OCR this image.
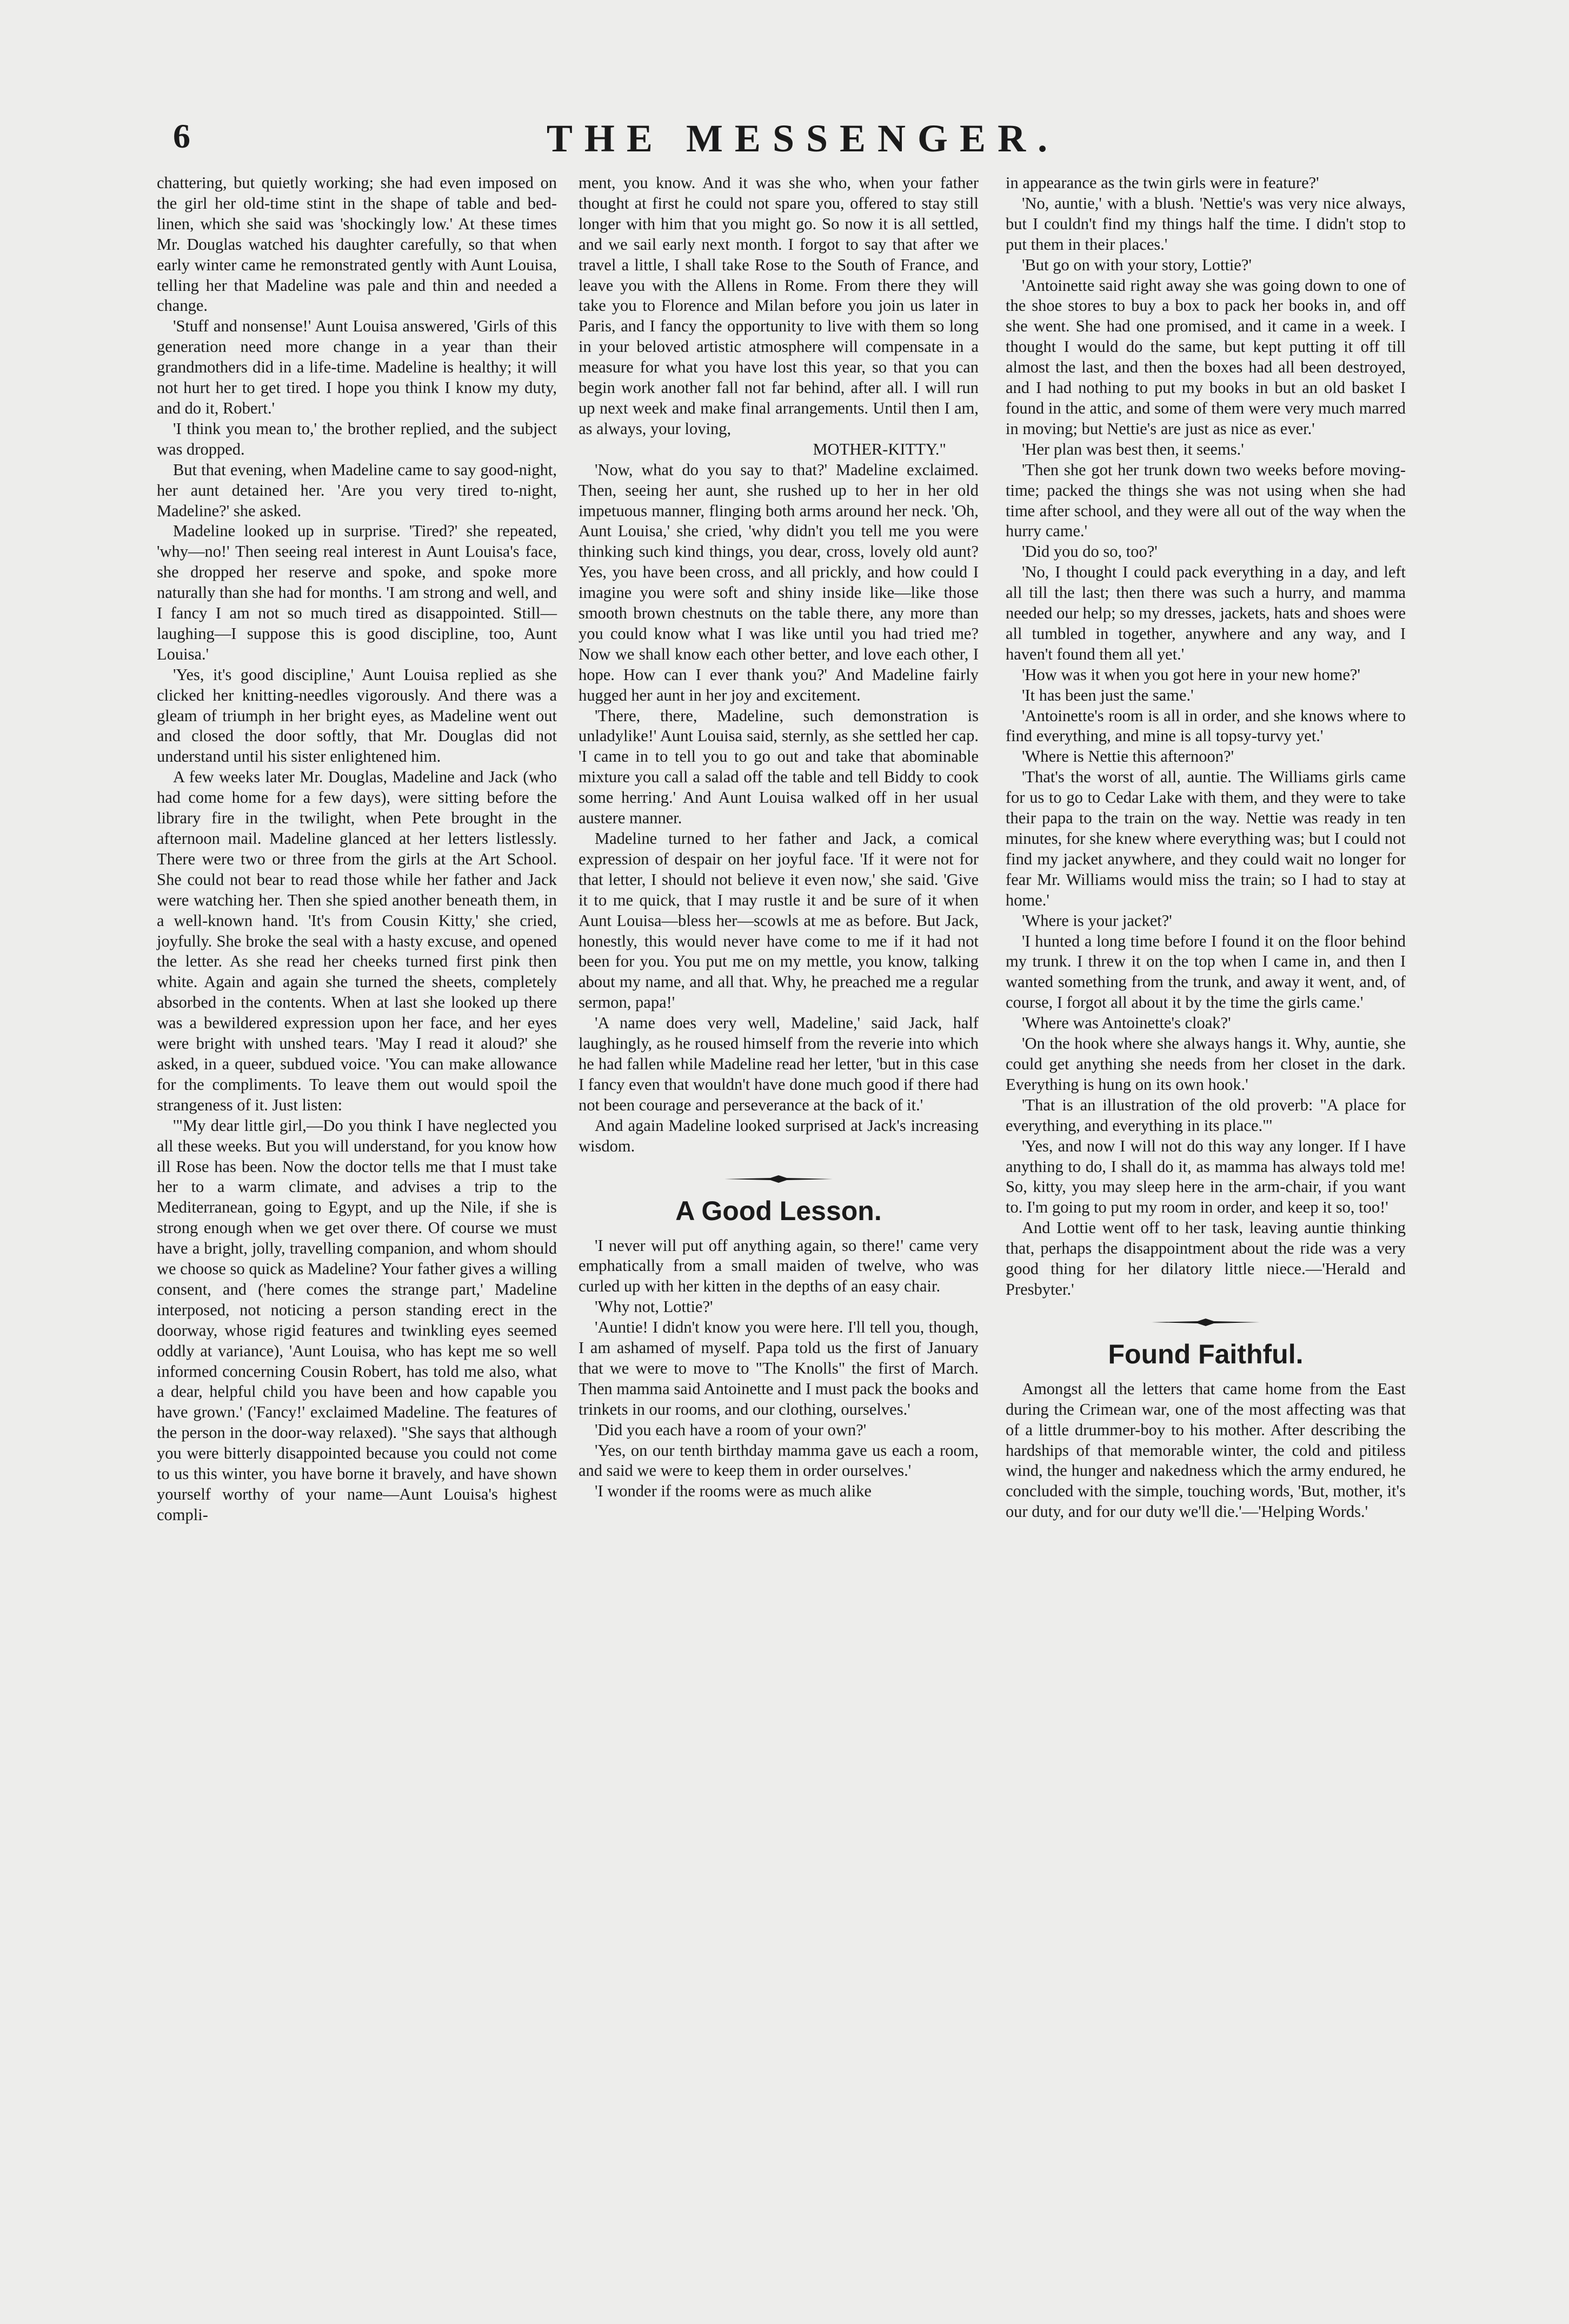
6	THE MESSENGER.

chattering, but quietly working; she had even imposed on the girl her old-time stint in the shape of table and bed-linen, which she said was 'shockingly low.' At these times Mr. Douglas watched his daughter carefully, so that when early winter came he remonstrated gently with Aunt Louisa, telling her that Madeline was pale and thin and needed a change.

'Stuff and nonsense!' Aunt Louisa answered, 'Girls of this generation need more change in a year than their grandmothers did in a life-time. Madeline is healthy; it will not hurt her to get tired. I hope you think I know my duty, and do it, Robert.'

'I think you mean to,' the brother replied, and the subject was dropped.

But that evening, when Madeline came to say good-night, her aunt detained her. 'Are you very tired to-night, Madeline?' she asked.

Madeline looked up in surprise. 'Tired?' she repeated, 'why—no!' Then seeing real interest in Aunt Louisa's face, she dropped her reserve and spoke, and spoke more naturally than she had for months. 'I am strong and well, and I fancy I am not so much tired as disappointed. Still—laughing—I suppose this is good discipline, too, Aunt Louisa.'

'Yes, it's good discipline,' Aunt Louisa replied as she clicked her knitting-needles vigorously. And there was a gleam of triumph in her bright eyes, as Madeline went out and closed the door softly, that Mr. Douglas did not understand until his sister enlightened him.

A few weeks later Mr. Douglas, Madeline and Jack (who had come home for a few days), were sitting before the library fire in the twilight, when Pete brought in the afternoon mail. Madeline glanced at her letters listlessly. There were two or three from the girls at the Art School. She could not bear to read those while her father and Jack were watching her. Then she spied another beneath them, in a well-known hand. 'It's from Cousin Kitty,' she cried, joyfully. She broke the seal with a hasty excuse, and opened the letter. As she read her cheeks turned first pink then white. Again and again she turned the sheets, completely absorbed in the contents. When at last she looked up there was a bewildered expression upon her face, and her eyes were bright with unshed tears. 'May I read it aloud?' she asked, in a queer, subdued voice. 'You can make allowance for the compliments. To leave them out would spoil the strangeness of it. Just listen:

'"My dear little girl,—Do you think I have neglected you all these weeks. But you will understand, for you know how ill Rose has been. Now the doctor tells me that I must take her to a warm climate, and advises a trip to the Mediterranean, going to Egypt, and up the Nile, if she is strong enough when we get over there. Of course we must have a bright, jolly, travelling companion, and whom should we choose so quick as Madeline? Your father gives a willing consent, and ('here comes the strange part,' Madeline interposed, not noticing a person standing erect in the doorway, whose rigid features and twinkling eyes seemed oddly at variance), 'Aunt Louisa, who has kept me so well informed concerning Cousin Robert, has told me also, what a dear, helpful child you have been and how capable you have grown.' ('Fancy!' exclaimed Madeline. The features of the person in the door-way relaxed). "She says that although you were bitterly disappointed because you could not come to us this winter, you have borne it bravely, and have shown yourself worthy of your name—Aunt Louisa's highest compli-

ment, you know. And it was she who, when your father thought at first he could not spare you, offered to stay still longer with him that you might go. So now it is all settled, and we sail early next month. I forgot to say that after we travel a little, I shall take Rose to the South of France, and leave you with the Allens in Rome. From there they will take you to Florence and Milan before you join us later in Paris, and I fancy the opportunity to live with them so long in your beloved artistic atmosphere will compensate in a measure for what you have lost this year, so that you can begin work another fall not far behind, after all. I will run up next week and make final arrangements. Until then I am, as always, your loving,

MOTHER-KITTY."

'Now, what do you say to that?' Madeline exclaimed. Then, seeing her aunt, she rushed up to her in her old impetuous manner, flinging both arms around her neck. 'Oh, Aunt Louisa,' she cried, 'why didn't you tell me you were thinking such kind things, you dear, cross, lovely old aunt? Yes, you have been cross, and all prickly, and how could I imagine you were soft and shiny inside like—like those smooth brown chestnuts on the table there, any more than you could know what I was like until you had tried me? Now we shall know each other better, and love each other, I hope. How can I ever thank you?' And Madeline fairly hugged her aunt in her joy and excitement.

'There, there, Madeline, such demonstration is unladylike!' Aunt Louisa said, sternly, as she settled her cap. 'I came in to tell you to go out and take that abominable mixture you call a salad off the table and tell Biddy to cook some herring.' And Aunt Louisa walked off in her usual austere manner.

Madeline turned to her father and Jack, a comical expression of despair on her joyful face. 'If it were not for that letter, I should not believe it even now,' she said. 'Give it to me quick, that I may rustle it and be sure of it when Aunt Louisa—bless her—scowls at me as before. But Jack, honestly, this would never have come to me if it had not been for you. You put me on my mettle, you know, talking about my name, and all that. Why, he preached me a regular sermon, papa!'

'A name does very well, Madeline,' said Jack, half laughingly, as he roused himself from the reverie into which he had fallen while Madeline read her letter, 'but in this case I fancy even that wouldn't have done much good if there had not been courage and perseverance at the back of it.'

And again Madeline looked surprised at Jack's increasing wisdom.

A Good Lesson.

'I never will put off anything again, so there!' came very emphatically from a small maiden of twelve, who was curled up with her kitten in the depths of an easy chair.

'Why not, Lottie?'

'Auntie! I didn't know you were here. I'll tell you, though, I am ashamed of myself. Papa told us the first of January that we were to move to "The Knolls" the first of March. Then mamma said Antoinette and I must pack the books and trinkets in our rooms, and our clothing, ourselves.'

'Did you each have a room of your own?'

'Yes, on our tenth birthday mamma gave us each a room, and said we were to keep them in order ourselves.'

'I wonder if the rooms were as much alike

in appearance as the twin girls were in feature?'

'No, auntie,' with a blush. 'Nettie's was very nice always, but I couldn't find my things half the time. I didn't stop to put them in their places.'

'But go on with your story, Lottie?'

'Antoinette said right away she was going down to one of the shoe stores to buy a box to pack her books in, and off she went. She had one promised, and it came in a week. I thought I would do the same, but kept putting it off till almost the last, and then the boxes had all been destroyed, and I had nothing to put my books in but an old basket I found in the attic, and some of them were very much marred in moving; but Nettie's are just as nice as ever.'

'Her plan was best then, it seems.'

'Then she got her trunk down two weeks before moving-time; packed the things she was not using when she had time after school, and they were all out of the way when the hurry came.'

'Did you do so, too?'

'No, I thought I could pack everything in a day, and left all till the last; then there was such a hurry, and mamma needed our help; so my dresses, jackets, hats and shoes were all tumbled in together, anywhere and any way, and I haven't found them all yet.'

'How was it when you got here in your new home?'

'It has been just the same.'

'Antoinette's room is all in order, and she knows where to find everything, and mine is all topsy-turvy yet.'

'Where is Nettie this afternoon?'

'That's the worst of all, auntie. The Williams girls came for us to go to Cedar Lake with them, and they were to take their papa to the train on the way. Nettie was ready in ten minutes, for she knew where everything was; but I could not find my jacket anywhere, and they could wait no longer for fear Mr. Williams would miss the train; so I had to stay at home.'

'Where is your jacket?'

'I hunted a long time before I found it on the floor behind my trunk. I threw it on the top when I came in, and then I wanted something from the trunk, and away it went, and, of course, I forgot all about it by the time the girls came.'

'Where was Antoinette's cloak?'

'On the hook where she always hangs it. Why, auntie, she could get anything she needs from her closet in the dark. Everything is hung on its own hook.'

'That is an illustration of the old proverb: "A place for everything, and everything in its place."'

'Yes, and now I will not do this way any longer. If I have anything to do, I shall do it, as mamma has always told me! So, kitty, you may sleep here in the arm-chair, if you want to. I'm going to put my room in order, and keep it so, too!'

And Lottie went off to her task, leaving auntie thinking that, perhaps the disappointment about the ride was a very good thing for her dilatory little niece.—'Herald and Presbyter.'

Found Faithful.

Amongst all the letters that came home from the East during the Crimean war, one of the most affecting was that of a little drummer-boy to his mother. After describing the hardships of that memorable winter, the cold and pitiless wind, the hunger and nakedness which the army endured, he concluded with the simple, touching words, 'But, mother, it's our duty, and for our duty we'll die.'—'Helping Words.'
